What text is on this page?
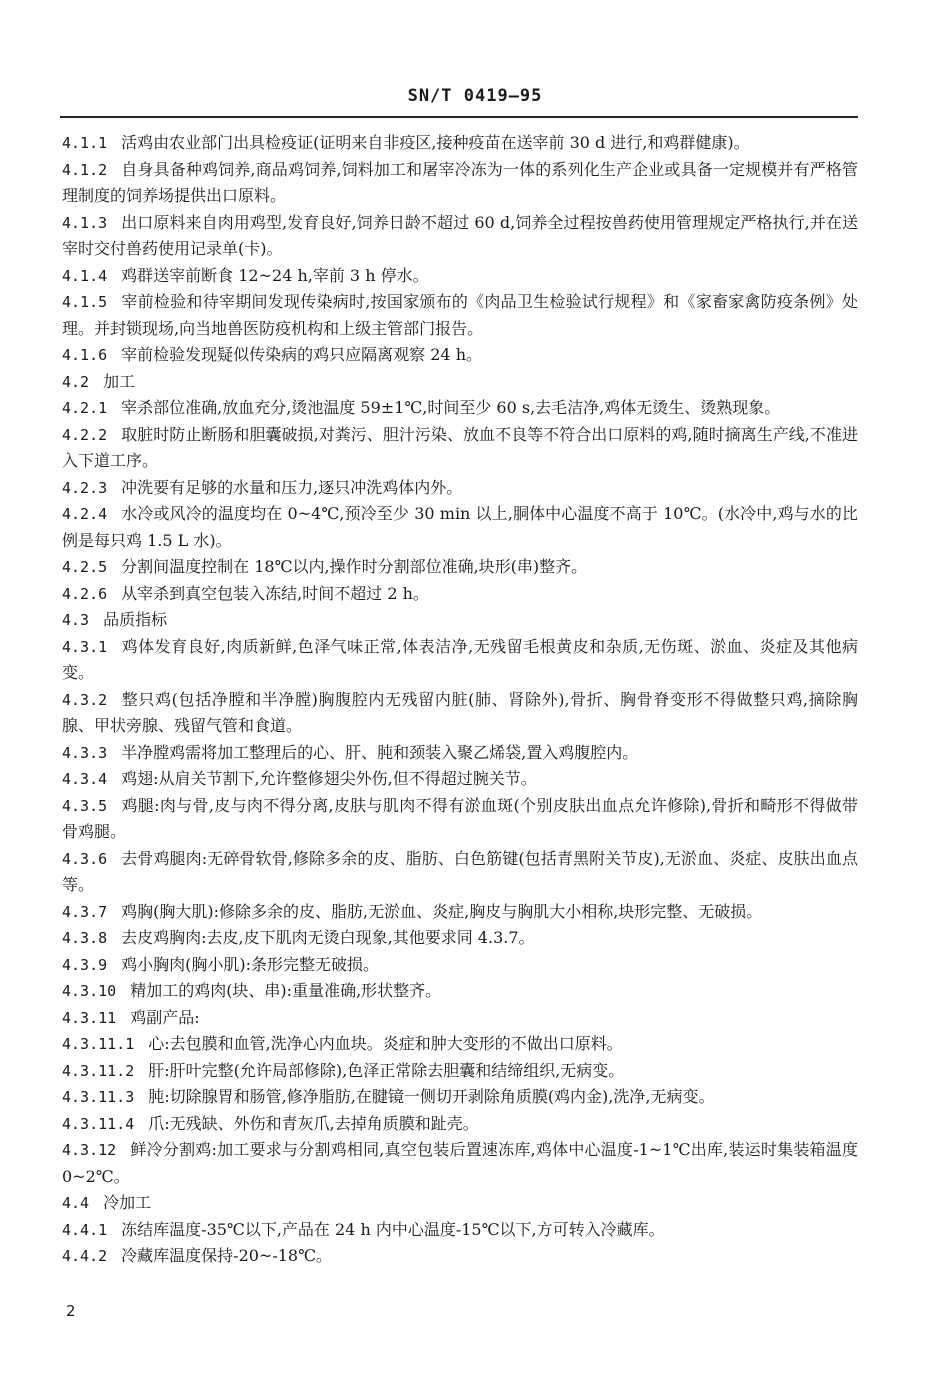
SN/T 0419—95

4.1.1 活鸡由农业部门出具检疫证(证明来自非疫区,接种疫苗在送宰前 30 d 进行,和鸡群健康)。

4.1.2 自身具备种鸡饲养,商品鸡饲养,饲料加工和屠宰冷冻为一体的系列化生产企业或具备一定规模并有严格管理制度的饲养场提供出口原料。

4.1.3 出口原料来自肉用鸡型,发育良好,饲养日龄不超过 60 d,饲养全过程按兽药使用管理规定严格执行,并在送宰时交付兽药使用记录单(卡)。

4.1.4 鸡群送宰前断食 12~24 h,宰前 3 h 停水。

4.1.5 宰前检验和待宰期间发现传染病时,按国家颁布的《肉品卫生检验试行规程》和《家畜家禽防疫条例》处理。并封锁现场,向当地兽医防疫机构和上级主管部门报告。

4.1.6 宰前检验发现疑似传染病的鸡只应隔离观察 24 h。

4.2 加工

4.2.1 宰杀部位准确,放血充分,烫池温度 59±1℃,时间至少 60 s,去毛洁净,鸡体无烫生、烫熟现象。

4.2.2 取脏时防止断肠和胆囊破损,对粪污、胆汁污染、放血不良等不符合出口原料的鸡,随时摘离生产线,不准进入下道工序。

4.2.3 冲洗要有足够的水量和压力,逐只冲洗鸡体内外。

4.2.4 水冷或风冷的温度均在 0~4℃,预冷至少 30 min 以上,胴体中心温度不高于 10℃。(水冷中,鸡与水的比例是每只鸡 1.5 L 水)。

4.2.5 分割间温度控制在 18℃以内,操作时分割部位准确,块形(串)整齐。

4.2.6 从宰杀到真空包装入冻结,时间不超过 2 h。

4.3 品质指标

4.3.1 鸡体发育良好,肉质新鲜,色泽气味正常,体表洁净,无残留毛根黄皮和杂质,无伤斑、淤血、炎症及其他病变。

4.3.2 整只鸡(包括净膛和半净膛)胸腹腔内无残留内脏(肺、肾除外),骨折、胸骨脊变形不得做整只鸡,摘除胸腺、甲状旁腺、残留气管和食道。

4.3.3 半净膛鸡需将加工整理后的心、肝、肫和颈装入聚乙烯袋,置入鸡腹腔内。

4.3.4 鸡翅:从肩关节割下,允许整修翅尖外伤,但不得超过腕关节。

4.3.5 鸡腿:肉与骨,皮与肉不得分离,皮肤与肌肉不得有淤血斑(个别皮肤出血点允许修除),骨折和畸形不得做带骨鸡腿。

4.3.6 去骨鸡腿肉:无碎骨软骨,修除多余的皮、脂肪、白色筋键(包括青黑附关节皮),无淤血、炎症、皮肤出血点等。

4.3.7 鸡胸(胸大肌):修除多余的皮、脂肪,无淤血、炎症,胸皮与胸肌大小相称,块形完整、无破损。

4.3.8 去皮鸡胸肉:去皮,皮下肌肉无烫白现象,其他要求同 4.3.7。

4.3.9 鸡小胸肉(胸小肌):条形完整无破损。

4.3.10 精加工的鸡肉(块、串):重量准确,形状整齐。

4.3.11 鸡副产品:

4.3.11.1 心:去包膜和血管,洗净心内血块。炎症和肿大变形的不做出口原料。

4.3.11.2 肝:肝叶完整(允许局部修除),色泽正常除去胆囊和结缔组织,无病变。

4.3.11.3 肫:切除腺胃和肠管,修净脂肪,在腱镜一侧切开剥除角质膜(鸡内金),洗净,无病变。

4.3.11.4 爪:无残缺、外伤和青灰爪,去掉角质膜和趾壳。

4.3.12 鲜冷分割鸡:加工要求与分割鸡相同,真空包装后置速冻库,鸡体中心温度-1~1℃出库,装运时集装箱温度0~2℃。

4.4 冷加工

4.4.1 冻结库温度-35℃以下,产品在 24 h 内中心温度-15℃以下,方可转入冷藏库。

4.4.2 冷藏库温度保持-20~-18℃。

2
